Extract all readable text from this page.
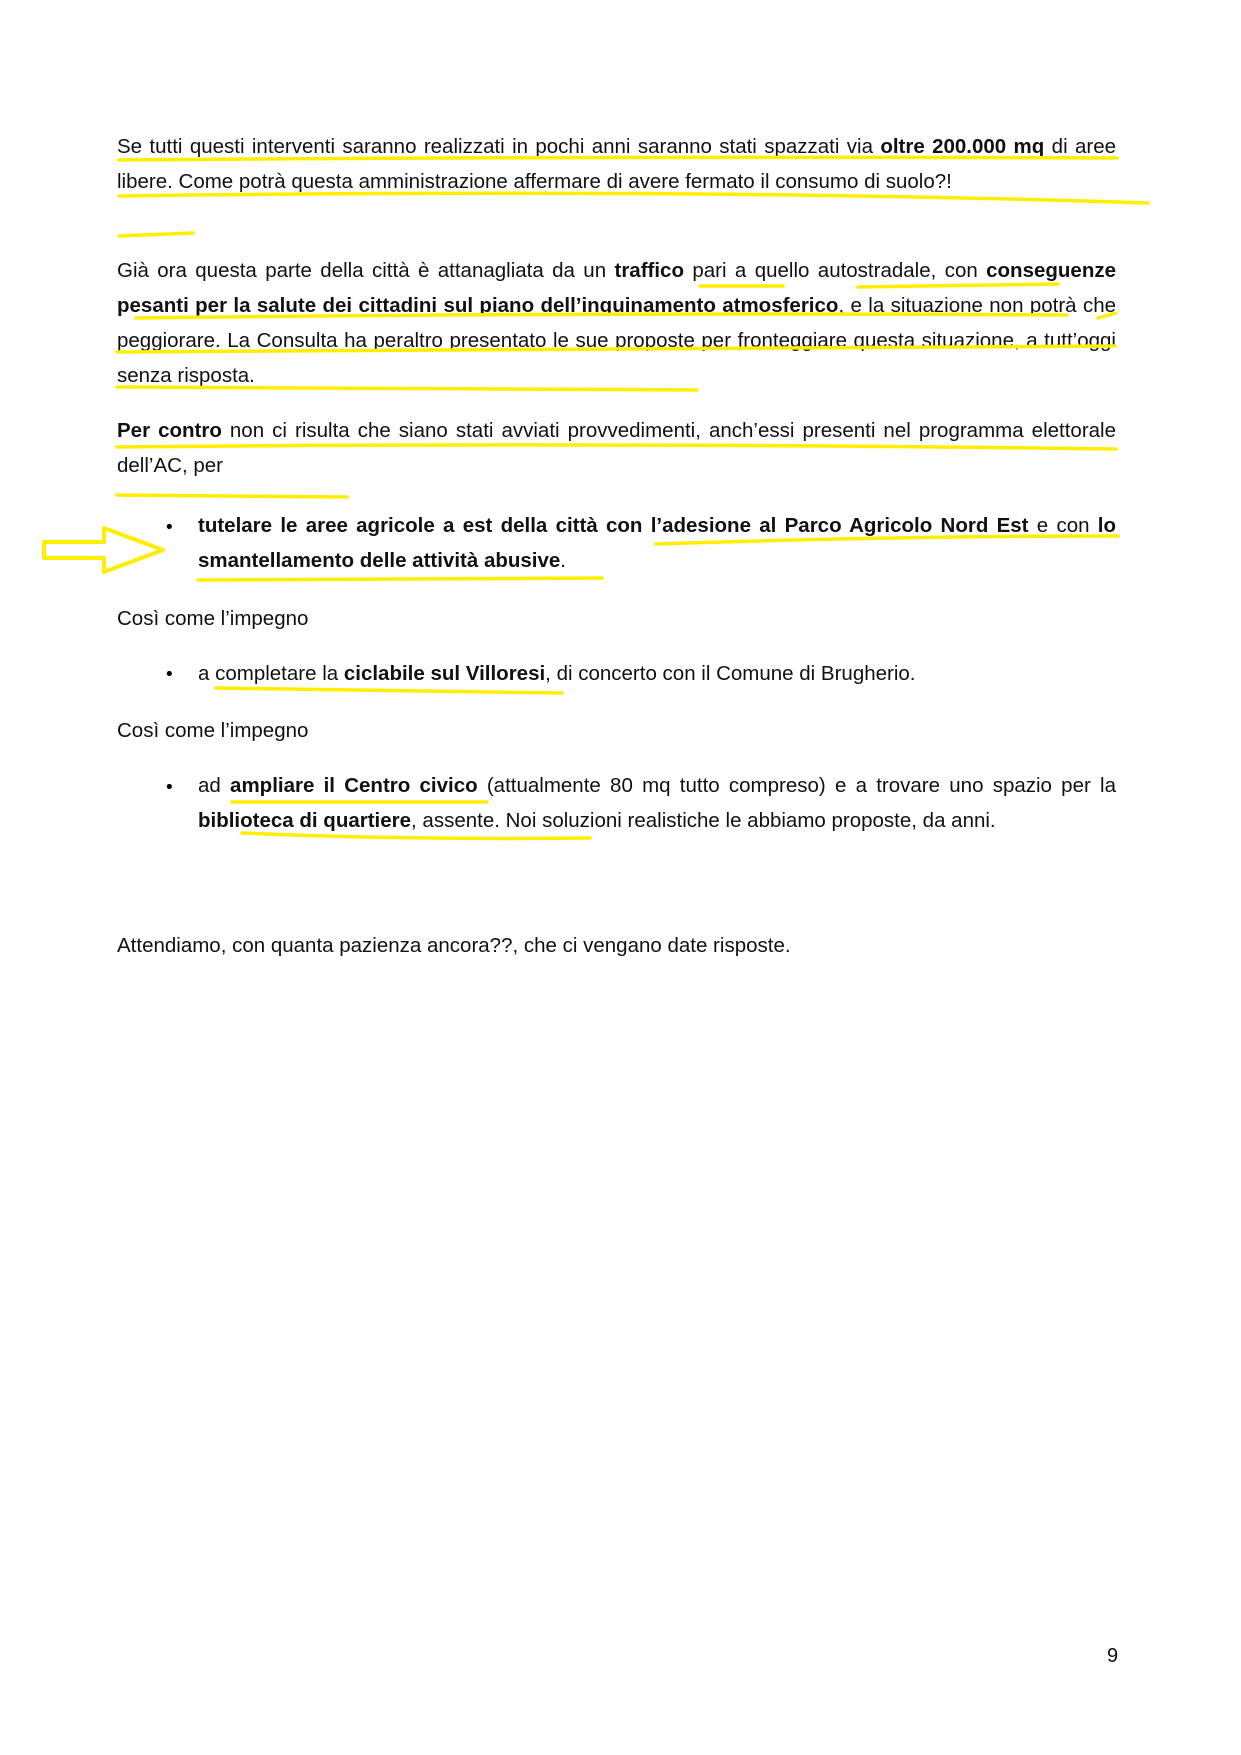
Se tutti questi interventi saranno realizzati in pochi anni saranno stati spazzati via oltre 200.000 mq di aree libere. Come potrà questa amministrazione affermare di avere fermato il consumo di suolo?!

Già ora questa parte della città è attanagliata da un traffico pari a quello autostradale, con conseguenze pesanti per la salute dei cittadini sul piano dell’inquinamento atmosferico, e la situazione non potrà che peggiorare. La Consulta ha peraltro presentato le sue proposte per fronteggiare questa situazione, a tutt’oggi senza risposta.

Per contro non ci risulta che siano stati avviati provvedimenti, anch’essi presenti nel programma elettorale dell’AC, per

• tutelare le aree agricole a est della città con l’adesione al Parco Agricolo Nord Est e con lo smantellamento delle attività abusive.

Così come l’impegno
• a completare la ciclabile sul Villoresi, di concerto con il Comune di Brugherio.

Così come l’impegno
• ad ampliare il Centro civico (attualmente 80 mq tutto compreso) e a trovare uno spazio per la biblioteca di quartiere, assente. Noi soluzioni realistiche le abbiamo proposte, da anni.

Attendiamo, con quanta pazienza ancora??, che ci vengano date risposte.
9
